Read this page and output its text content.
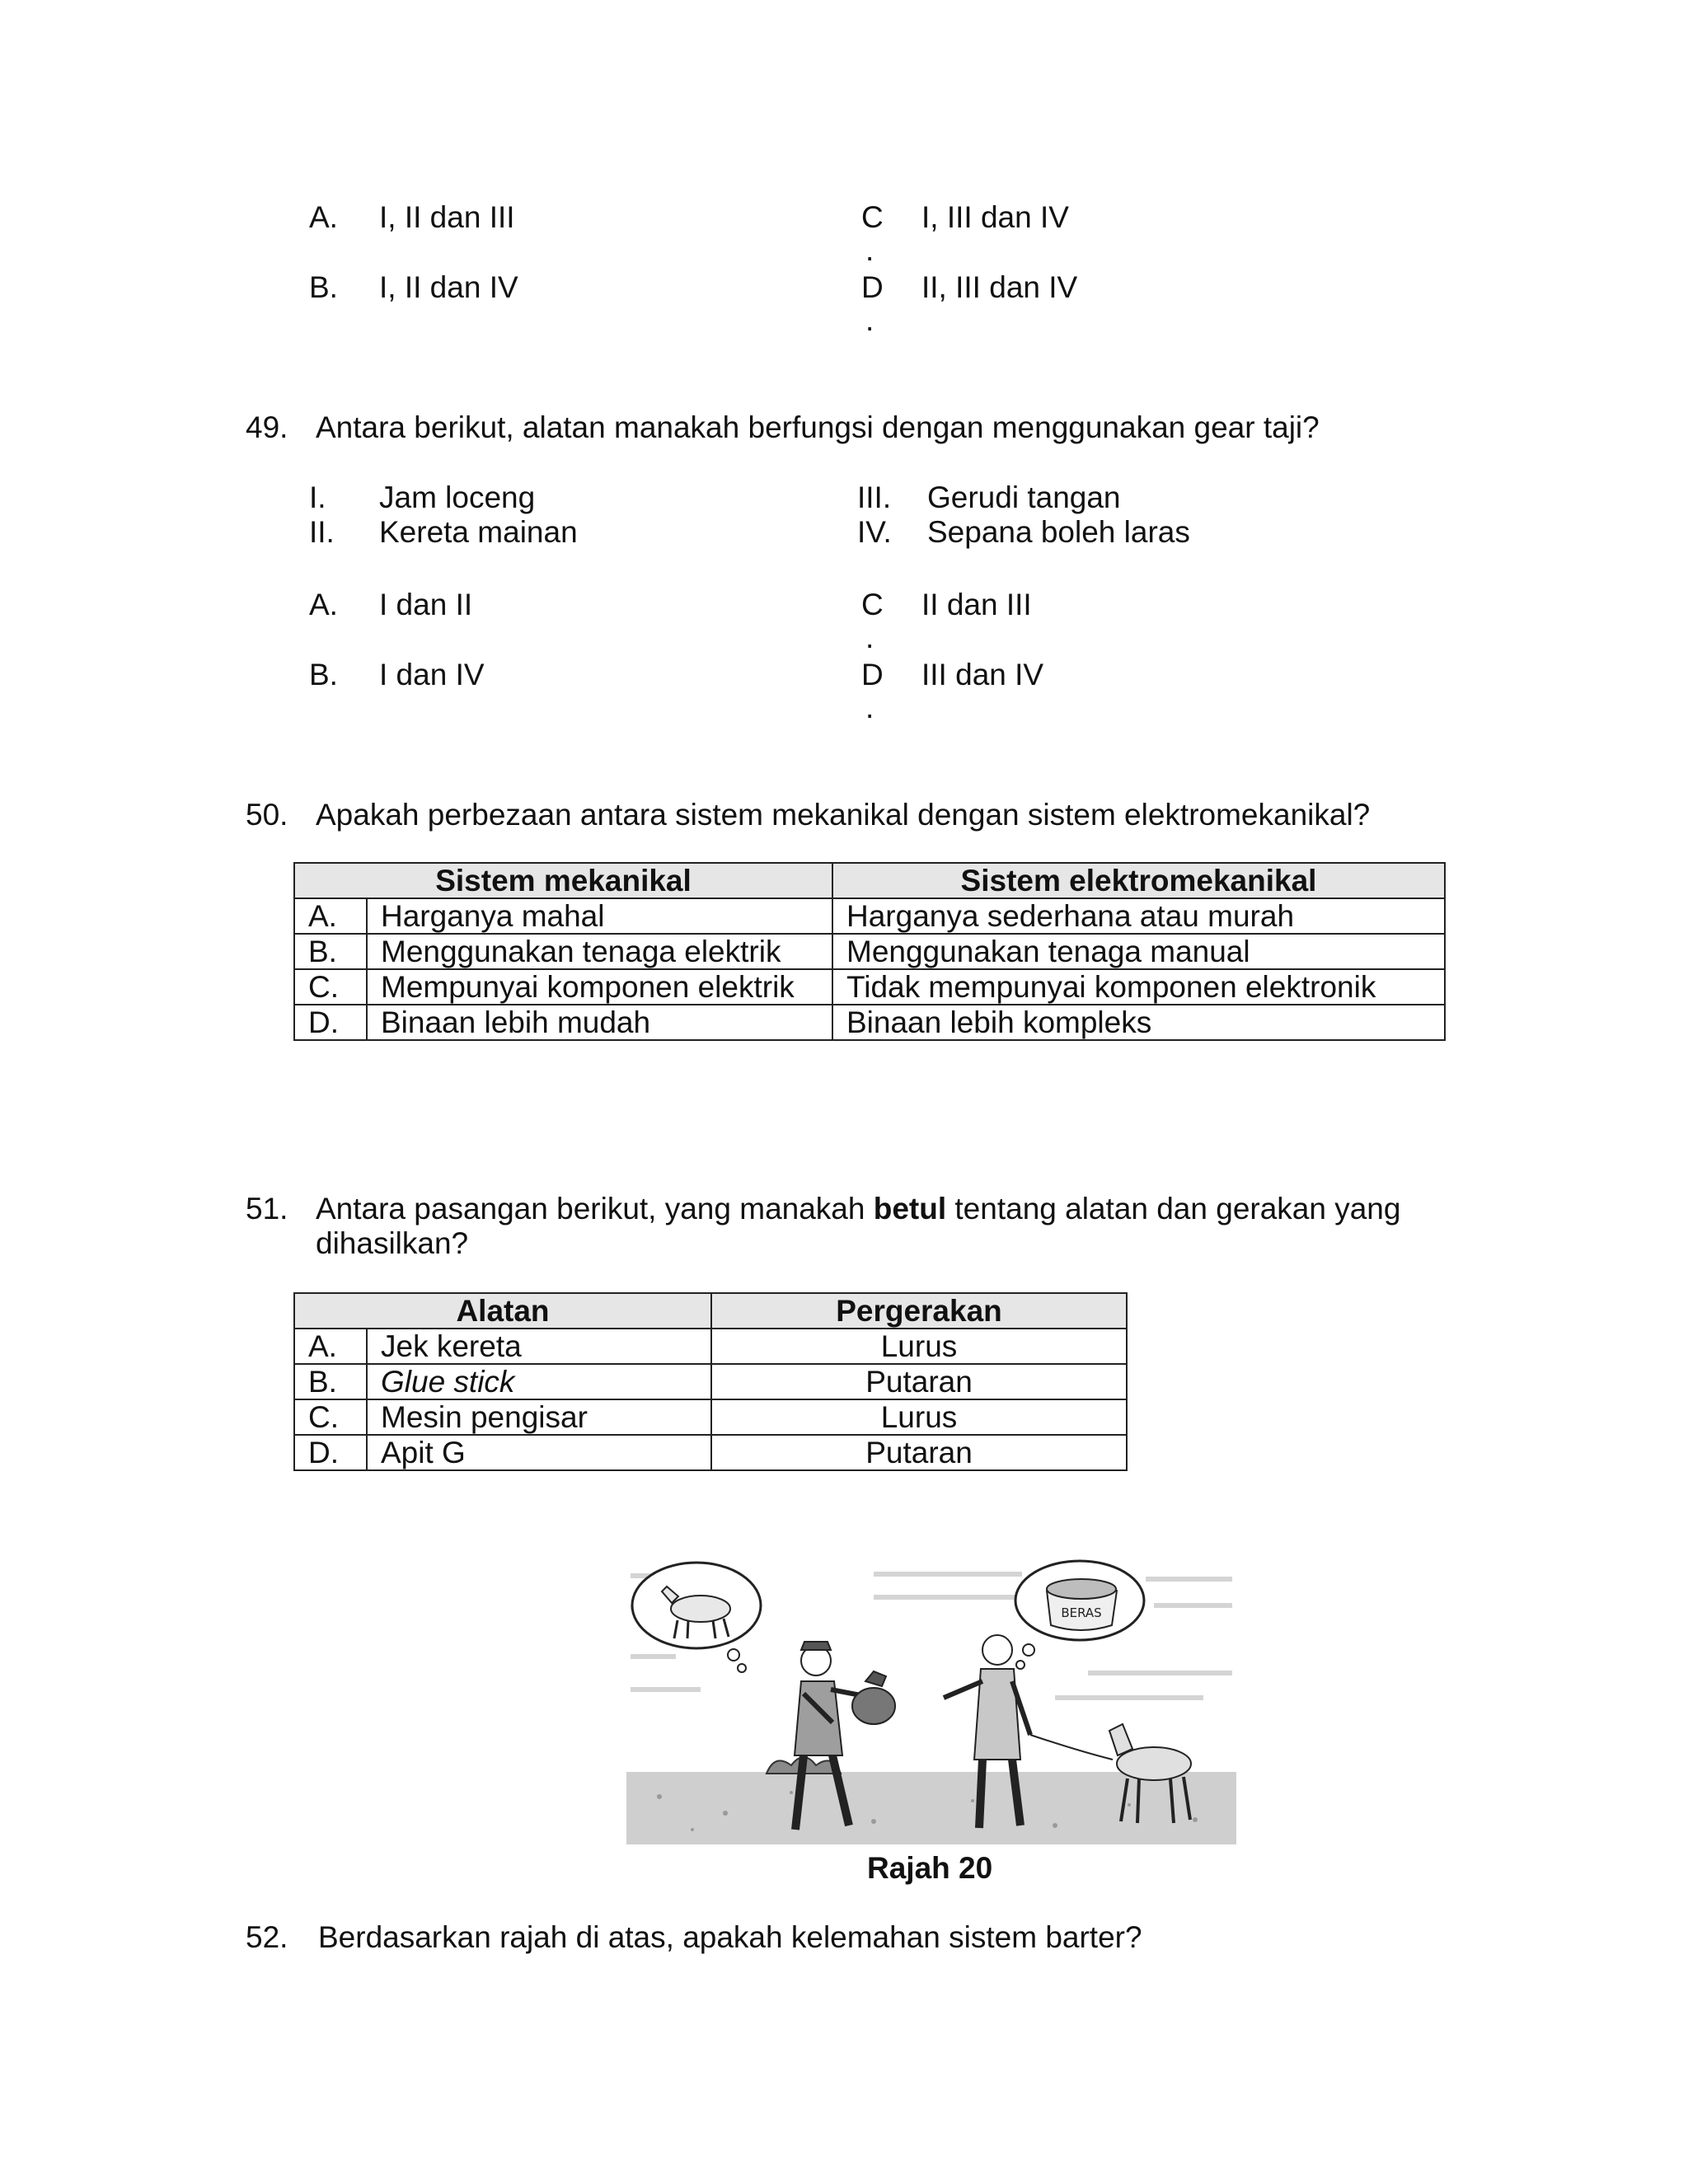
A. I, II dan III
B. I, II dan IV
C
.
I, III dan IV
D
.
II, III dan IV
49. Antara berikut, alatan manakah berfungsi dengan menggunakan gear taji?
I. Jam loceng
II. Kereta mainan
III. Gerudi tangan
IV. Sepana boleh laras
A. I dan II
B. I dan IV
C
.
II dan III
D
.
III dan IV
50. Apakah perbezaan antara sistem mekanikal dengan sistem elektromekanikal?
Sistem mekanikal		Sistem elektromekanikal
A.	Harganya mahal	Harganya sederhana atau murah
B.	Menggunakan tenaga elektrik	Menggunakan tenaga manual
C.	Mempunyai komponen elektrik	Tidak mempunyai komponen elektronik
D.	Binaan lebih mudah	Binaan lebih kompleks
51. Antara pasangan berikut, yang manakah betul tentang alatan dan gerakan yang
dihasilkan?
Alatan		Pergerakan
A.	Jek kereta	Lurus
B.	Glue stick	Putaran
C.	Mesin pengisar	Lurus
D.	Apit G	Putaran
BERAS
Rajah 20
52. Berdasarkan rajah di atas, apakah kelemahan sistem barter?
